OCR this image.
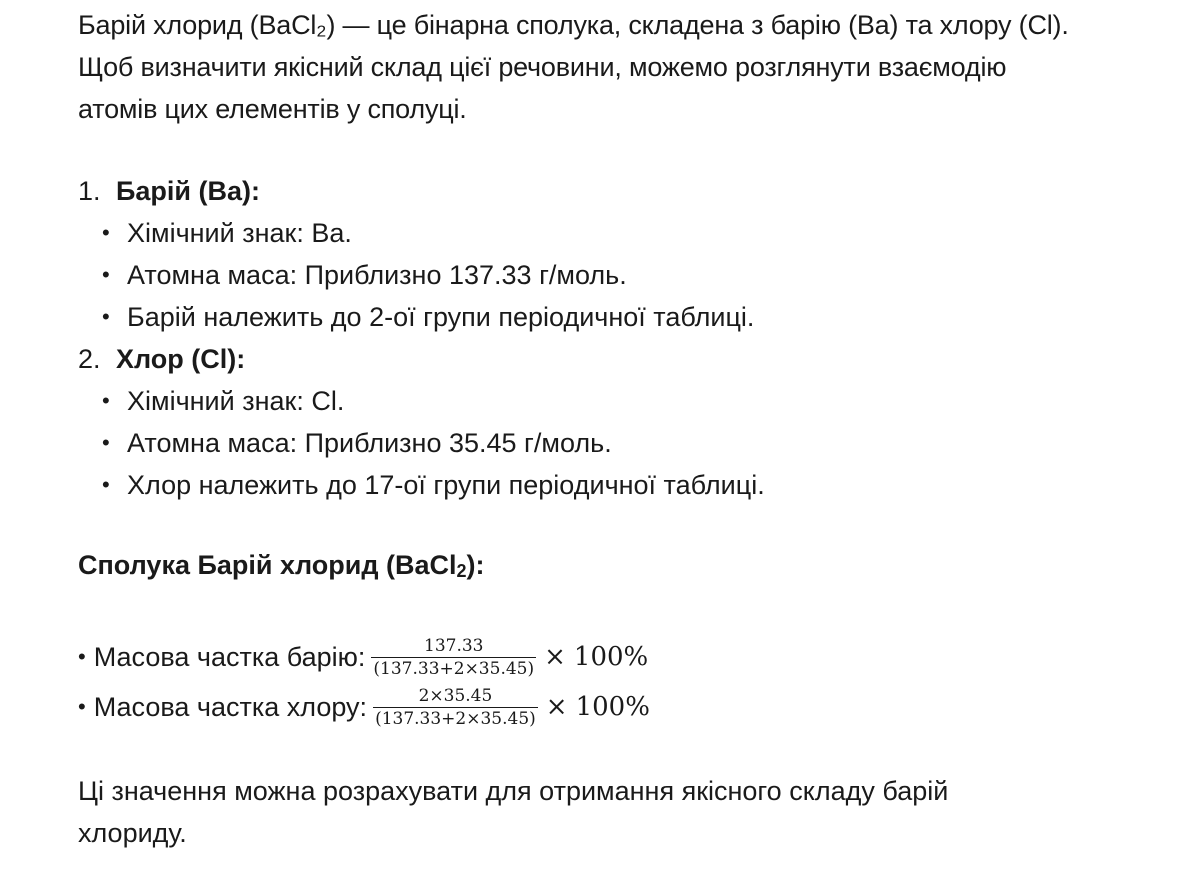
Барій хлорид (BaCl₂) — це бінарна сполука, складена з барію (Ba) та хлору (Cl).
Щоб визначити якісний склад цієї речовини, можемо розглянути взаємодію
атомів цих елементів у сполуці.
1. Барій (Ba):
• Хімічний знак: Ba.
• Атомна маса: Приблизно 137.33 г/моль.
• Барій належить до 2-ої групи періодичної таблиці.
2. Хлор (Cl):
• Хімічний знак: Cl.
• Атомна маса: Приблизно 35.45 г/моль.
• Хлор належить до 17-ої групи періодичної таблиці.
Сполука Барій хлорид (BaCl2):
• Масова частка барію: $\frac{137.33}{(137.33+2\times 35.45)} \times 100\%$
• Масова частка хлору: $\frac{2\times 35.45}{(137.33+2\times 35.45)} \times 100\%$
Ці значення можна розрахувати для отримання якісного складу барій
хлориду.
